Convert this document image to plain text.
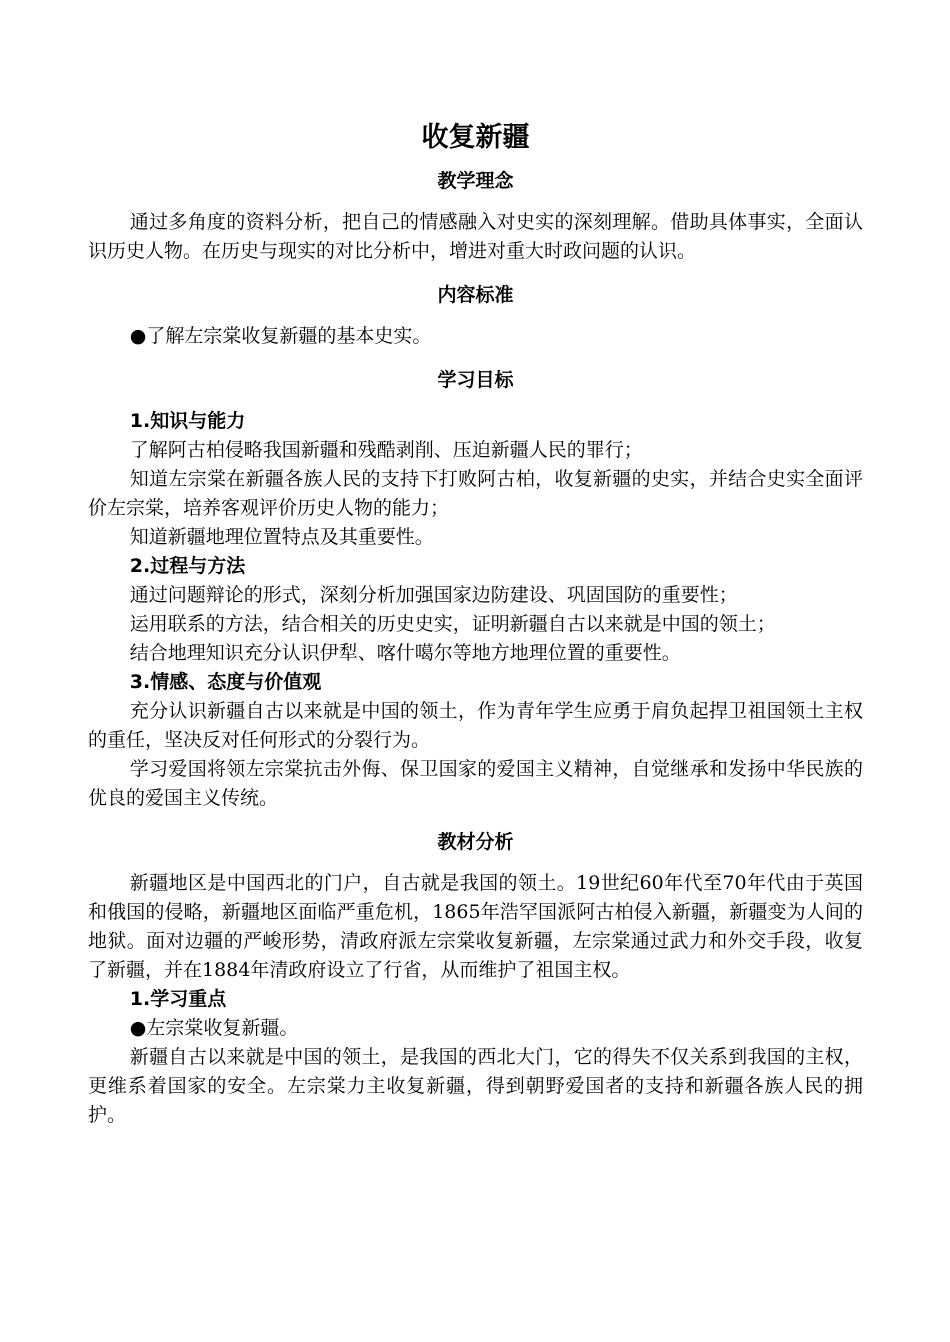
收复新疆
教学理念

通过多角度的资料分析，把自己的情感融入对史实的深刻理解。借助具体事实，全面认识历史人物。在历史与现实的对比分析中，增进对重大时政问题的认识。

内容标准

●了解左宗棠收复新疆的基本史实。

学习目标
1.知识与能力

了解阿古柏侵略我国新疆和残酷剥削、压迫新疆人民的罪行；

知道左宗棠在新疆各族人民的支持下打败阿古柏，收复新疆的史实，并结合史实全面评价左宗棠，培养客观评价历史人物的能力；

知道新疆地理位置特点及其重要性。

2.过程与方法

通过问题辩论的形式，深刻分析加强国家边防建设、巩固国防的重要性；

运用联系的方法，结合相关的历史史实，证明新疆自古以来就是中国的领土；

结合地理知识充分认识伊犁、喀什噶尔等地方地理位置的重要性。

3.情感、态度与价值观

充分认识新疆自古以来就是中国的领土，作为青年学生应勇于肩负起捍卫祖国领土主权的重任，坚决反对任何形式的分裂行为。

学习爱国将领左宗棠抗击外侮、保卫国家的爱国主义精神，自觉继承和发扬中华民族的优良的爱国主义传统。

教材分析

新疆地区是中国西北的门户，自古就是我国的领土。19世纪60年代至70年代由于英国和俄国的侵略，新疆地区面临严重危机，1865年浩罕国派阿古柏侵入新疆，新疆变为人间的地狱。面对边疆的严峻形势，清政府派左宗棠收复新疆，左宗棠通过武力和外交手段，收复了新疆，并在1884年清政府设立了行省，从而维护了祖国主权。

1.学习重点

●左宗棠收复新疆。

新疆自古以来就是中国的领土，是我国的西北大门，它的得失不仅关系到我国的主权，更维系着国家的安全。左宗棠力主收复新疆，得到朝野爱国者的支持和新疆各族人民的拥护。
